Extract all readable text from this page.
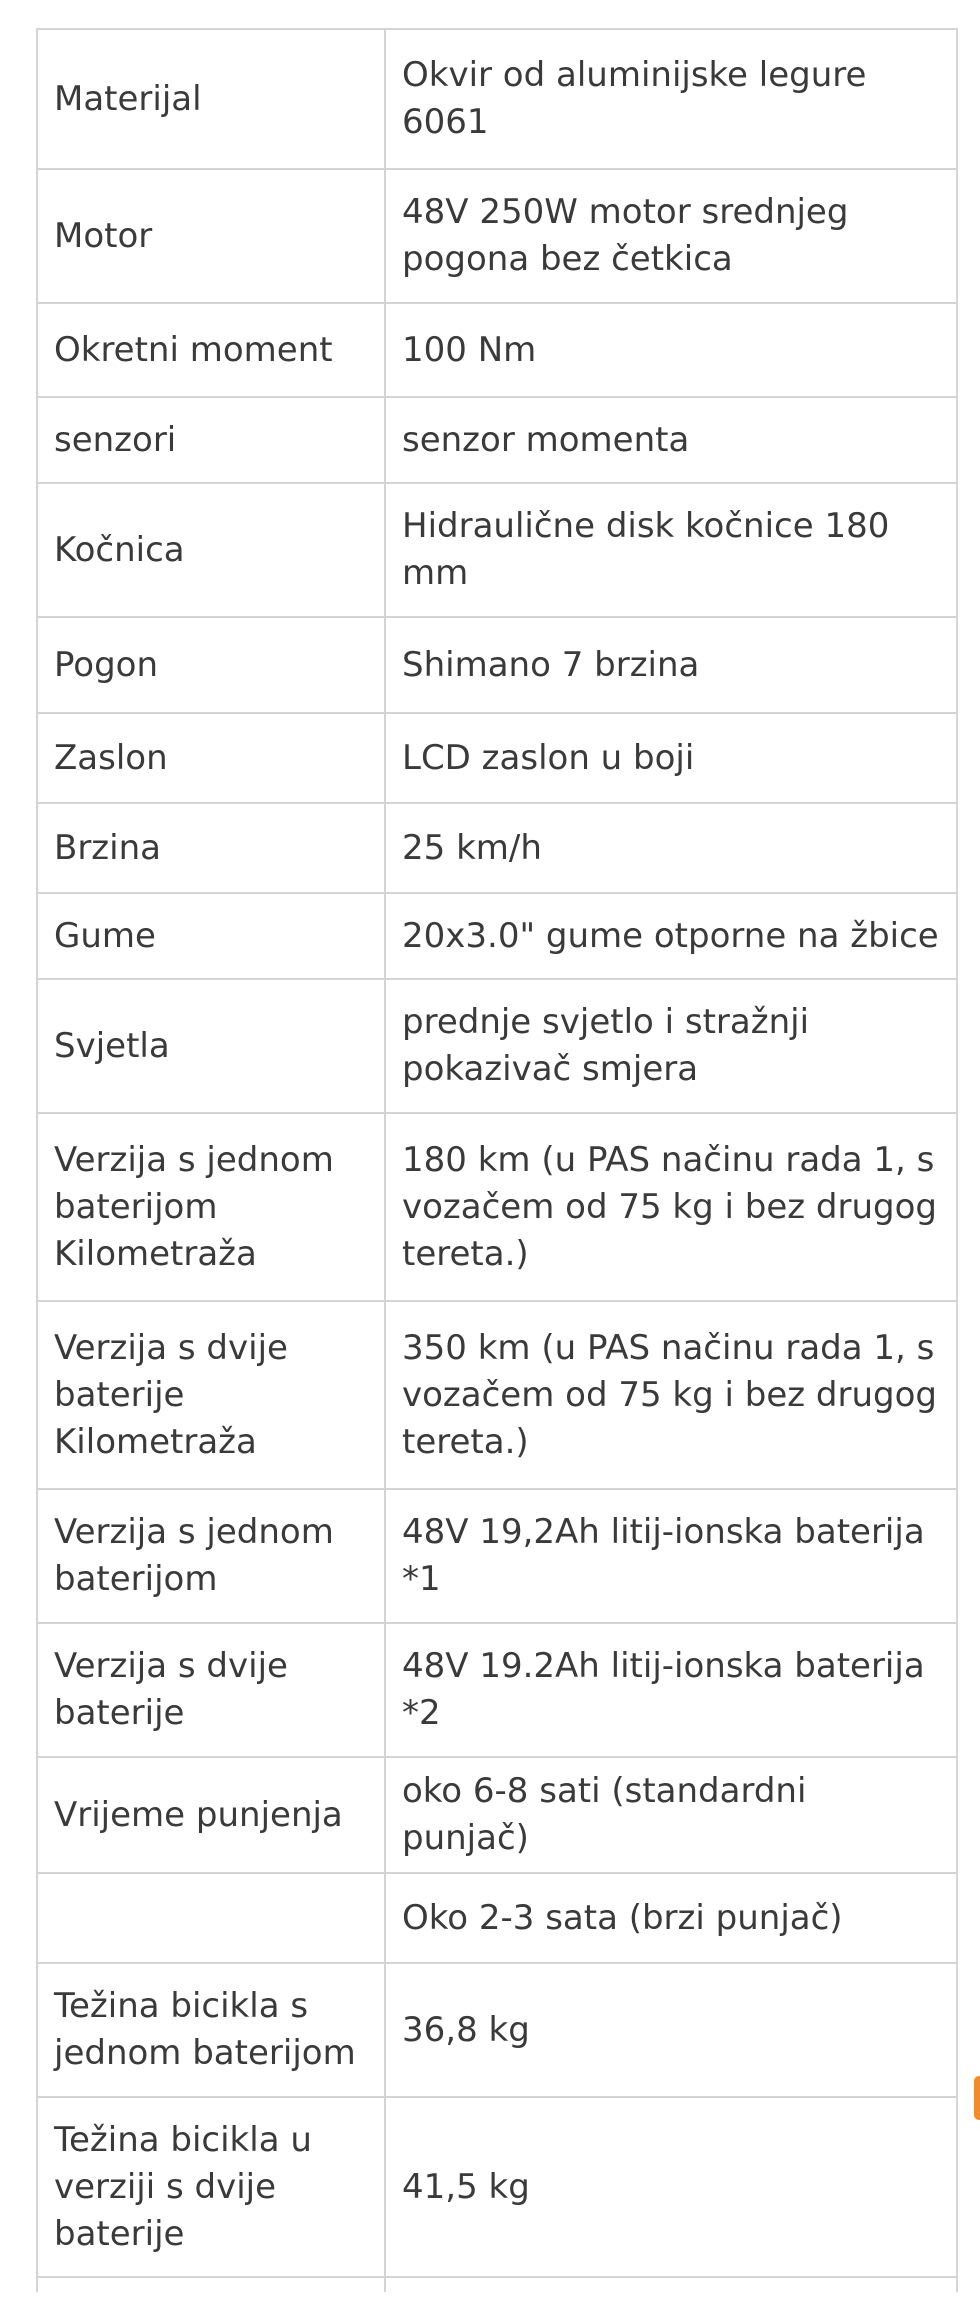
Materijal	Okvir od aluminijske legure 6061
Motor	48V 250W motor srednjeg pogona bez četkica
Okretni moment	100 Nm
senzori	senzor momenta
Kočnica	Hidraulične disk kočnice 180 mm
Pogon	Shimano 7 brzina
Zaslon	LCD zaslon u boji
Brzina	25 km/h
Gume	20x3.0" gume otporne na žbice
Svjetla	prednje svjetlo i stražnji pokazivač smjera
Verzija s jednom baterijom Kilometraža	180 km (u PAS načinu rada 1, s vozačem od 75 kg i bez drugog tereta.)
Verzija s dvije baterije Kilometraža	350 km (u PAS načinu rada 1, s vozačem od 75 kg i bez drugog tereta.)
Verzija s jednom baterijom	48V 19,2Ah litij-ionska baterija *1
Verzija s dvije baterije	48V 19.2Ah litij-ionska baterija *2
Vrijeme punjenja	oko 6-8 sati (standardni punjač)
	Oko 2-3 sata (brzi punjač)
Težina bicikla s jednom baterijom	36,8 kg
Težina bicikla u verziji s dvije baterije	41,5 kg
